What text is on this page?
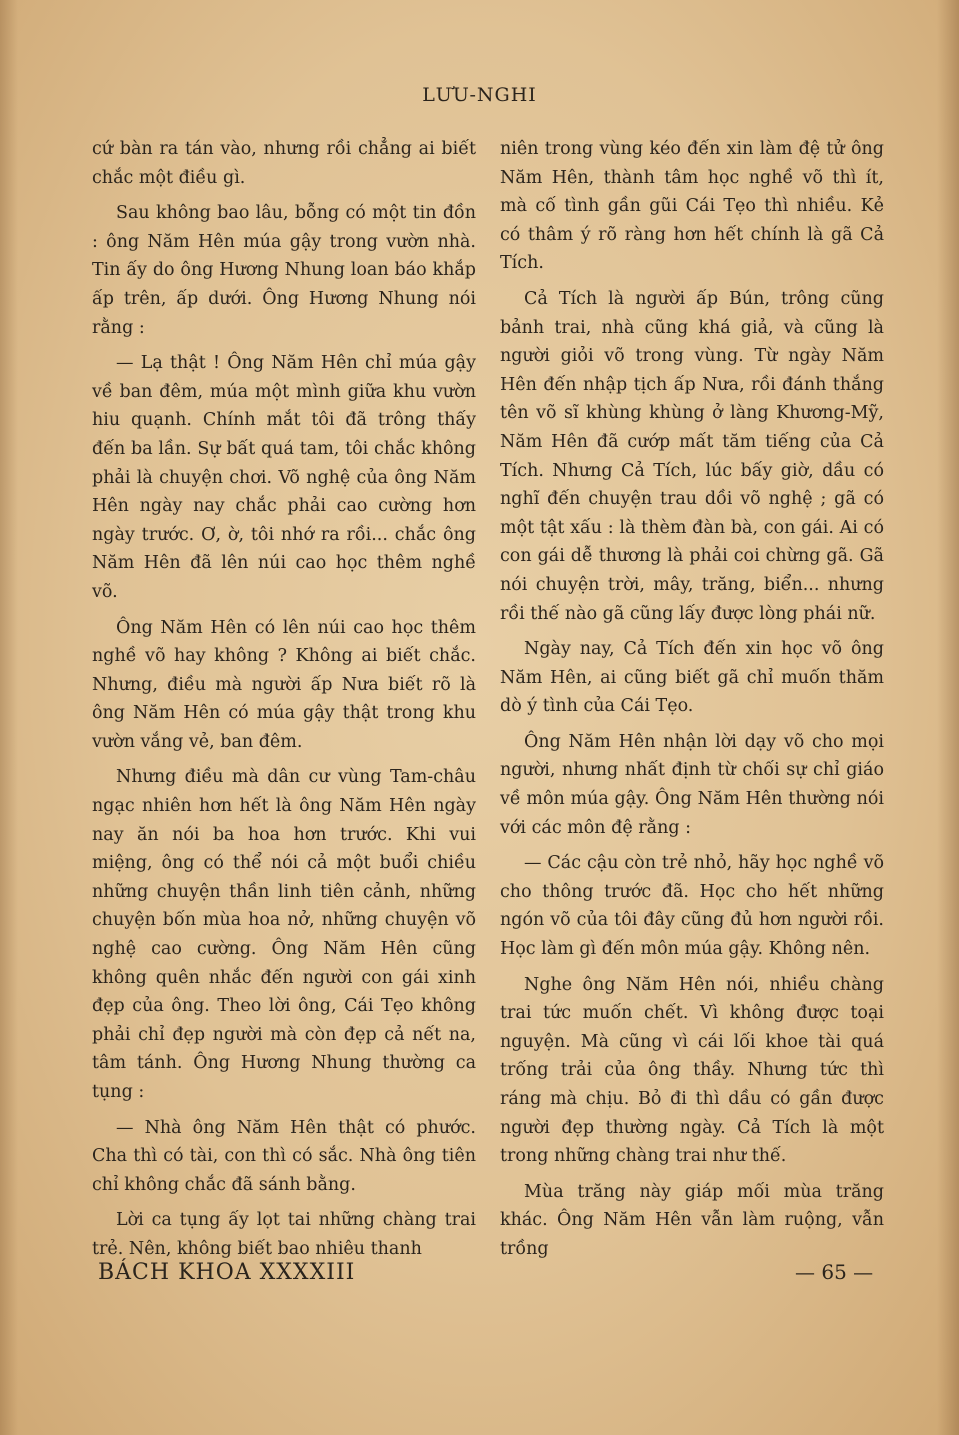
LƯU-NGHI

cứ bàn ra tán vào, nhưng rồi chẳng ai biết chắc một điều gì.

Sau không bao lâu, bỗng có một tin đồn : ông Năm Hên múa gậy trong vườn nhà. Tin ấy do ông Hương Nhung loan báo khắp ấp trên, ấp dưới. Ông Hương Nhung nói rằng :

— Lạ thật ! Ông Năm Hên chỉ múa gậy về ban đêm, múa một mình giữa khu vườn hiu quạnh. Chính mắt tôi đã trông thấy đến ba lần. Sự bất quá tam, tôi chắc không phải là chuyện chơi. Võ nghệ của ông Năm Hên ngày nay chắc phải cao cường hơn ngày trước. Ơ, ờ, tôi nhớ ra rồi... chắc ông Năm Hên đã lên núi cao học thêm nghề võ.

Ông Năm Hên có lên núi cao học thêm nghề võ hay không ? Không ai biết chắc. Nhưng, điều mà người ấp Nưa biết rõ là ông Năm Hên có múa gậy thật trong khu vườn vắng vẻ, ban đêm.

Nhưng điều mà dân cư vùng Tam-châu ngạc nhiên hơn hết là ông Năm Hên ngày nay ăn nói ba hoa hơn trước. Khi vui miệng, ông có thể nói cả một buổi chiều những chuyện thần linh tiên cảnh, những chuyện bốn mùa hoa nở, những chuyện võ nghệ cao cường. Ông Năm Hên cũng không quên nhắc đến người con gái xinh đẹp của ông. Theo lời ông, Cái Tẹo không phải chỉ đẹp người mà còn đẹp cả nết na, tâm tánh. Ông Hương Nhung thường ca tụng :

— Nhà ông Năm Hên thật có phước. Cha thì có tài, con thì có sắc. Nhà ông tiên chỉ không chắc đã sánh bằng.

Lời ca tụng ấy lọt tai những chàng trai trẻ. Nên, không biết bao nhiêu thanh

niên trong vùng kéo đến xin làm đệ tử ông Năm Hên, thành tâm học nghề võ thì ít, mà cố tình gần gũi Cái Tẹo thì nhiều. Kẻ có thâm ý rõ ràng hơn hết chính là gã Cả Tích.

Cả Tích là người ấp Bún, trông cũng bảnh trai, nhà cũng khá giả, và cũng là người giỏi võ trong vùng. Từ ngày Năm Hên đến nhập tịch ấp Nưa, rồi đánh thắng tên võ sĩ khùng khùng ở làng Khương-Mỹ, Năm Hên đã cướp mất tăm tiếng của Cả Tích. Nhưng Cả Tích, lúc bấy giờ, dầu có nghĩ đến chuyện trau dồi võ nghệ ; gã có một tật xấu : là thèm đàn bà, con gái. Ai có con gái dễ thương là phải coi chừng gã. Gã nói chuyện trời, mây, trăng, biển... nhưng rồi thế nào gã cũng lấy được lòng phái nữ.

Ngày nay, Cả Tích đến xin học võ ông Năm Hên, ai cũng biết gã chỉ muốn thăm dò ý tình của Cái Tẹo.

Ông Năm Hên nhận lời dạy võ cho mọi người, nhưng nhất định từ chối sự chỉ giáo về môn múa gậy. Ông Năm Hên thường nói với các môn đệ rằng :

— Các cậu còn trẻ nhỏ, hãy học nghề võ cho thông trước đã. Học cho hết những ngón võ của tôi đây cũng đủ hơn người rồi. Học làm gì đến môn múa gậy. Không nên.

Nghe ông Năm Hên nói, nhiều chàng trai tức muốn chết. Vì không được toại nguyện. Mà cũng vì cái lối khoe tài quá trống trải của ông thầy. Nhưng tức thì ráng mà chịu. Bỏ đi thì dầu có gần được người đẹp thường ngày. Cả Tích là một trong những chàng trai như thế.

Mùa trăng này giáp mối mùa trăng khác. Ông Năm Hên vẫn làm ruộng, vẫn trồng

BÁCH KHOA XXXXIII	— 65 —
